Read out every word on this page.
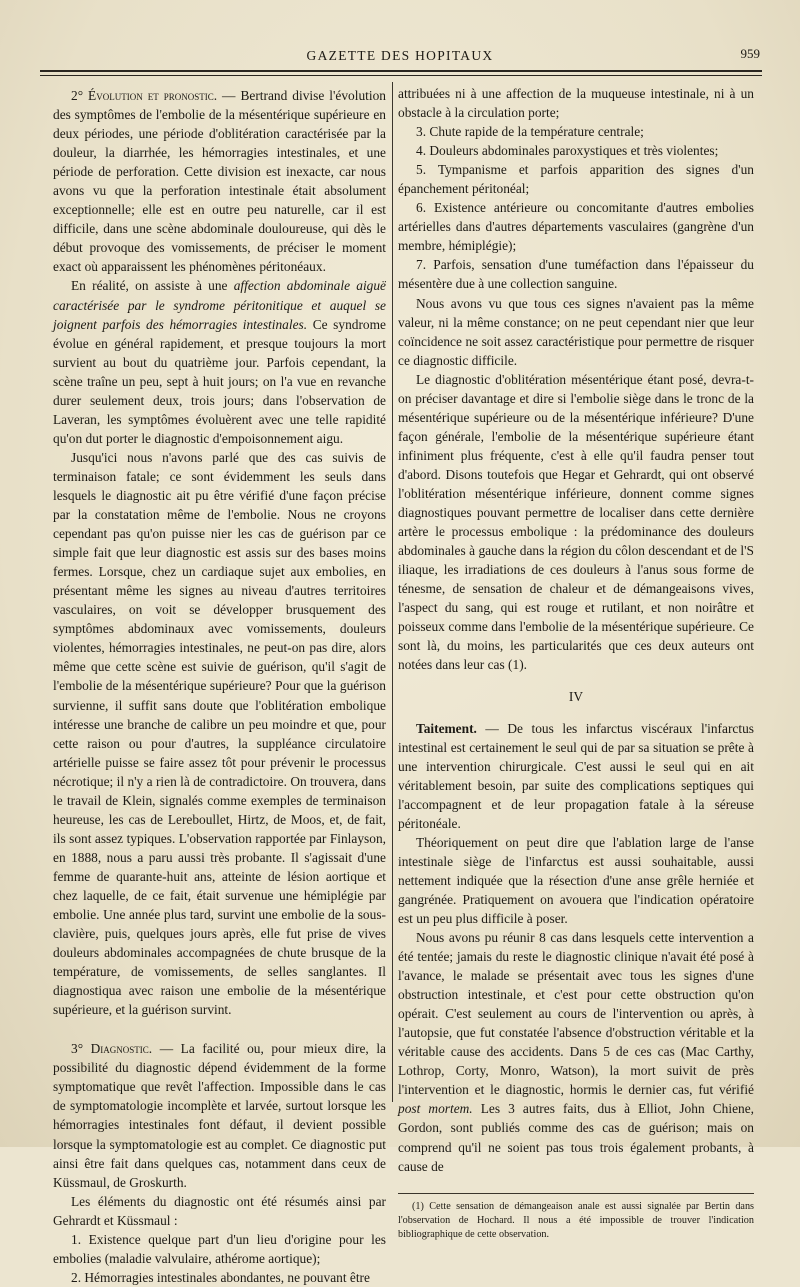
GAZETTE DES HOPITAUX	959

2° Évolution et pronostic. — Bertrand divise l'évolution des symptômes de l'embolie de la mésentérique supérieure en deux périodes, une période d'oblitération caractérisée par la douleur, la diarrhée, les hémorragies intestinales, et une période de perforation. Cette division est inexacte, car nous avons vu que la perforation intestinale était absolument exceptionnelle; elle est en outre peu naturelle, car il est difficile, dans une scène abdominale douloureuse, qui dès le début provoque des vomissements, de préciser le moment exact où apparaissent les phénomènes péritonéaux.

En réalité, on assiste à une affection abdominale aiguë caractérisée par le syndrome péritonitique et auquel se joignent parfois des hémorragies intestinales. Ce syndrome évolue en général rapidement, et presque toujours la mort survient au bout du quatrième jour. Parfois cependant, la scène traîne un peu, sept à huit jours; on l'a vue en revanche durer seulement deux, trois jours; dans l'observation de Laveran, les symptômes évoluèrent avec une telle rapidité qu'on dut porter le diagnostic d'empoisonnement aigu.

Jusqu'ici nous n'avons parlé que des cas suivis de terminaison fatale; ce sont évidemment les seuls dans lesquels le diagnostic ait pu être vérifié d'une façon précise par la constatation même de l'embolie. Nous ne croyons cependant pas qu'on puisse nier les cas de guérison par ce simple fait que leur diagnostic est assis sur des bases moins fermes. Lorsque, chez un cardiaque sujet aux embolies, en présentant même les signes au niveau d'autres territoires vasculaires, on voit se développer brusquement des symptômes abdominaux avec vomissements, douleurs violentes, hémorragies intestinales, ne peut-on pas dire, alors même que cette scène est suivie de guérison, qu'il s'agit de l'embolie de la mésentérique supérieure? Pour que la guérison survienne, il suffit sans doute que l'oblitération embolique intéresse une branche de calibre un peu moindre et que, pour cette raison ou pour d'autres, la suppléance circulatoire artérielle puisse se faire assez tôt pour prévenir le processus nécrotique; il n'y a rien là de contradictoire. On trouvera, dans le travail de Klein, signalés comme exemples de terminaison heureuse, les cas de Lereboullet, Hirtz, de Moos, et, de fait, ils sont assez typiques. L'observation rapportée par Finlayson, en 1888, nous a paru aussi très probante. Il s'agissait d'une femme de quarante-huit ans, atteinte de lésion aortique et chez laquelle, de ce fait, était survenue une hémiplégie par embolie. Une année plus tard, survint une embolie de la sous-clavière, puis, quelques jours après, elle fut prise de vives douleurs abdominales accompagnées de chute brusque de la température, de vomissements, de selles sanglantes. Il diagnostiqua avec raison une embolie de la mésentérique supérieure, et la guérison survint.

3° Diagnostic. — La facilité ou, pour mieux dire, la possibilité du diagnostic dépend évidemment de la forme symptomatique que revêt l'affection. Impossible dans le cas de symptomatologie incomplète et larvée, surtout lorsque les hémorragies intestinales font défaut, il devient possible lorsque la symptomatologie est au complet. Ce diagnostic put ainsi être fait dans quelques cas, notamment dans ceux de Küssmaul, de Groskurth.

Les éléments du diagnostic ont été résumés ainsi par Gehrardt et Küssmaul :

1. Existence quelque part d'un lieu d'origine pour les embolies (maladie valvulaire, athérome aortique);

2. Hémorragies intestinales abondantes, ne pouvant être

attribuées ni à une affection de la muqueuse intestinale, ni à un obstacle à la circulation porte;

3. Chute rapide de la température centrale;

4. Douleurs abdominales paroxystiques et très violentes;

5. Tympanisme et parfois apparition des signes d'un épanchement péritonéal;

6. Existence antérieure ou concomitante d'autres embolies artérielles dans d'autres départements vasculaires (gangrène d'un membre, hémiplégie);

7. Parfois, sensation d'une tuméfaction dans l'épaisseur du mésentère due à une collection sanguine.

Nous avons vu que tous ces signes n'avaient pas la même valeur, ni la même constance; on ne peut cependant nier que leur coïncidence ne soit assez caractéristique pour permettre de risquer ce diagnostic difficile.

Le diagnostic d'oblitération mésentérique étant posé, devra-t-on préciser davantage et dire si l'embolie siège dans le tronc de la mésentérique supérieure ou de la mésentérique inférieure? D'une façon générale, l'embolie de la mésentérique supérieure étant infiniment plus fréquente, c'est à elle qu'il faudra penser tout d'abord. Disons toutefois que Hegar et Gehrardt, qui ont observé l'oblitération mésentérique inférieure, donnent comme signes diagnostiques pouvant permettre de localiser dans cette dernière artère le processus embolique : la prédominance des douleurs abdominales à gauche dans la région du côlon descendant et de l'S iliaque, les irradiations de ces douleurs à l'anus sous forme de ténesme, de sensation de chaleur et de démangeaisons vives, l'aspect du sang, qui est rouge et rutilant, et non noirâtre et poisseux comme dans l'embolie de la mésentérique supérieure. Ce sont là, du moins, les particularités que ces deux auteurs ont notées dans leur cas (1).

IV

Taitement. — De tous les infarctus viscéraux l'infarctus intestinal est certainement le seul qui de par sa situation se prête à une intervention chirurgicale. C'est aussi le seul qui en ait véritablement besoin, par suite des complications septiques qui l'accompagnent et de leur propagation fatale à la séreuse péritonéale.

Théoriquement on peut dire que l'ablation large de l'anse intestinale siège de l'infarctus est aussi souhaitable, aussi nettement indiquée que la résection d'une anse grêle herniée et gangrénée. Pratiquement on avouera que l'indication opératoire est un peu plus difficile à poser.

Nous avons pu réunir 8 cas dans lesquels cette intervention a été tentée; jamais du reste le diagnostic clinique n'avait été posé à l'avance, le malade se présentait avec tous les signes d'une obstruction intestinale, et c'est pour cette obstruction qu'on opérait. C'est seulement au cours de l'intervention ou après, à l'autopsie, que fut constatée l'absence d'obstruction véritable et la véritable cause des accidents. Dans 5 de ces cas (Mac Carthy, Lothrop, Corty, Monro, Watson), la mort suivit de près l'intervention et le diagnostic, hormis le dernier cas, fut vérifié post mortem. Les 3 autres faits, dus à Elliot, John Chiene, Gordon, sont publiés comme des cas de guérison; mais on comprend qu'il ne soient pas tous trois également probants, à cause de

(1) Cette sensation de démangeaison anale est aussi signalée par Bertin dans l'observation de Hochard. Il nous a été impossible de trouver l'indication bibliographique de cette observation.
